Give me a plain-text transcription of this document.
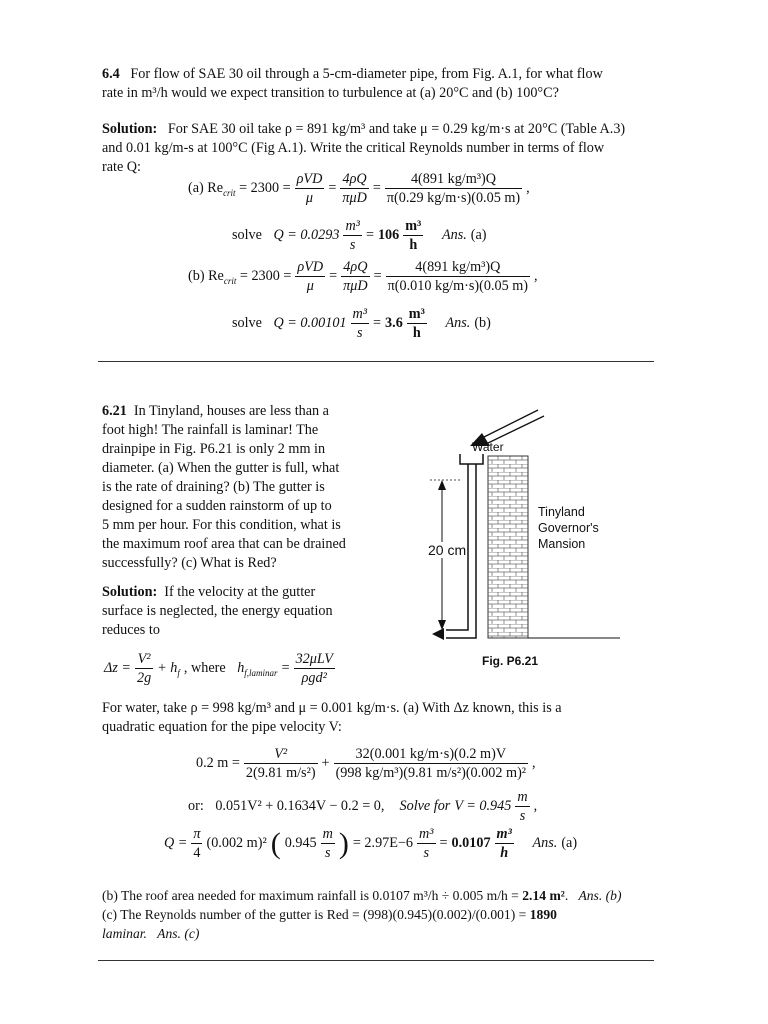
6.4 For flow of SAE 30 oil through a 5-cm-diameter pipe, from Fig. A.1, for what flow
rate in m³/h would we expect transition to turbulence at (a) 20°C and (b) 100°C?
Solution: For SAE 30 oil take ρ = 891 kg/m³ and take μ = 0.29 kg/m·s at 20°C (Table A.3)
and 0.01 kg/m-s at 100°C (Fig A.1). Write the critical Reynolds number in terms of flow
rate Q:
(a) $Re_{crit} = 2300 = \frac{\text{ρVD}}{\mu} = \frac{4\rho Q}{\text{πμD}} = \frac{\text{4(891 kg/m³)Q}}{\pi(0.29 kg/m\cdot s)(0.05 m)}$ ,
solve
$Q = 0.0293 \frac{\text{m³}}{s} = 106 \frac{\text{m³}}{h}$
Ans. (a)
(b) $Re_{crit} = 2300 = \frac{\text{ρVD}}{\mu} = \frac{4\rho Q}{\text{πμD}} = \frac{\text{4(891 kg/m³)Q}}{\pi(0.010 kg/m\cdot s)(0.05 m)}$ ,
solve
$Q = 0.00101 \frac{\text{m³}}{s} = 3.6 \frac{\text{m³}}{h}$
Ans. (b)
6.21 In Tinyland, houses are less than a
foot high! The rainfall is laminar! The
drainpipe in Fig. P6.21 is only 2 mm in
diameter. (a) When the gutter is full, what
is the rate of draining? (b) The gutter is
designed for a sudden rainstorm of up to
5 mm per hour. For this condition, what is
the maximum roof area that can be drained
successfully? (c) What is Red?
Solution: If the velocity at the gutter
surface is neglected, the energy equation
reduces to
$\Delta z = \frac{\text{V²}}{2g} + h_f$ , where
$h_{f,laminar} = \frac{\text{32μLV}}{\text{ρgd²}}$
For water, take ρ = 998 kg/m³ and μ = 0.001 kg/m·s. (a) With Δz known, this is a
quadratic equation for the pipe velocity V:
0.2 $m = \frac{\text{V²}}{\text{2(9.81 m/s²)}} + \frac{32(0.001 kg/m\cdot s)(0.2 m)V}{\text{(998 kg/m³)(9.81 m/s²)(0.002 m)²}}$ ,
or:
0.051V² + 0.1634V − 0.2 = 0,
Solve for $V = 0.945 \frac{m}{s}$ ,
$Q = \frac{\pi}{4} (0.002$ m)² ( $0.945 \frac{m}{s}$ ) = $2.97E-6 \frac{\text{m³}}{s} = 0.0107 \frac{\text{m³}}{h}$
Ans. (a)
(b) The roof area needed for maximum rainfall is 0.0107 m³/h ÷ 0.005 m/h = 2.14 m².   Ans. (b)
(c) The Reynolds number of the gutter is Red = (998)(0.945)(0.002)/(0.001) = 1890
laminar. Ans. (c)
Water
20 cm
Tinyland
Governor's
Mansion
Fig. P6.21
